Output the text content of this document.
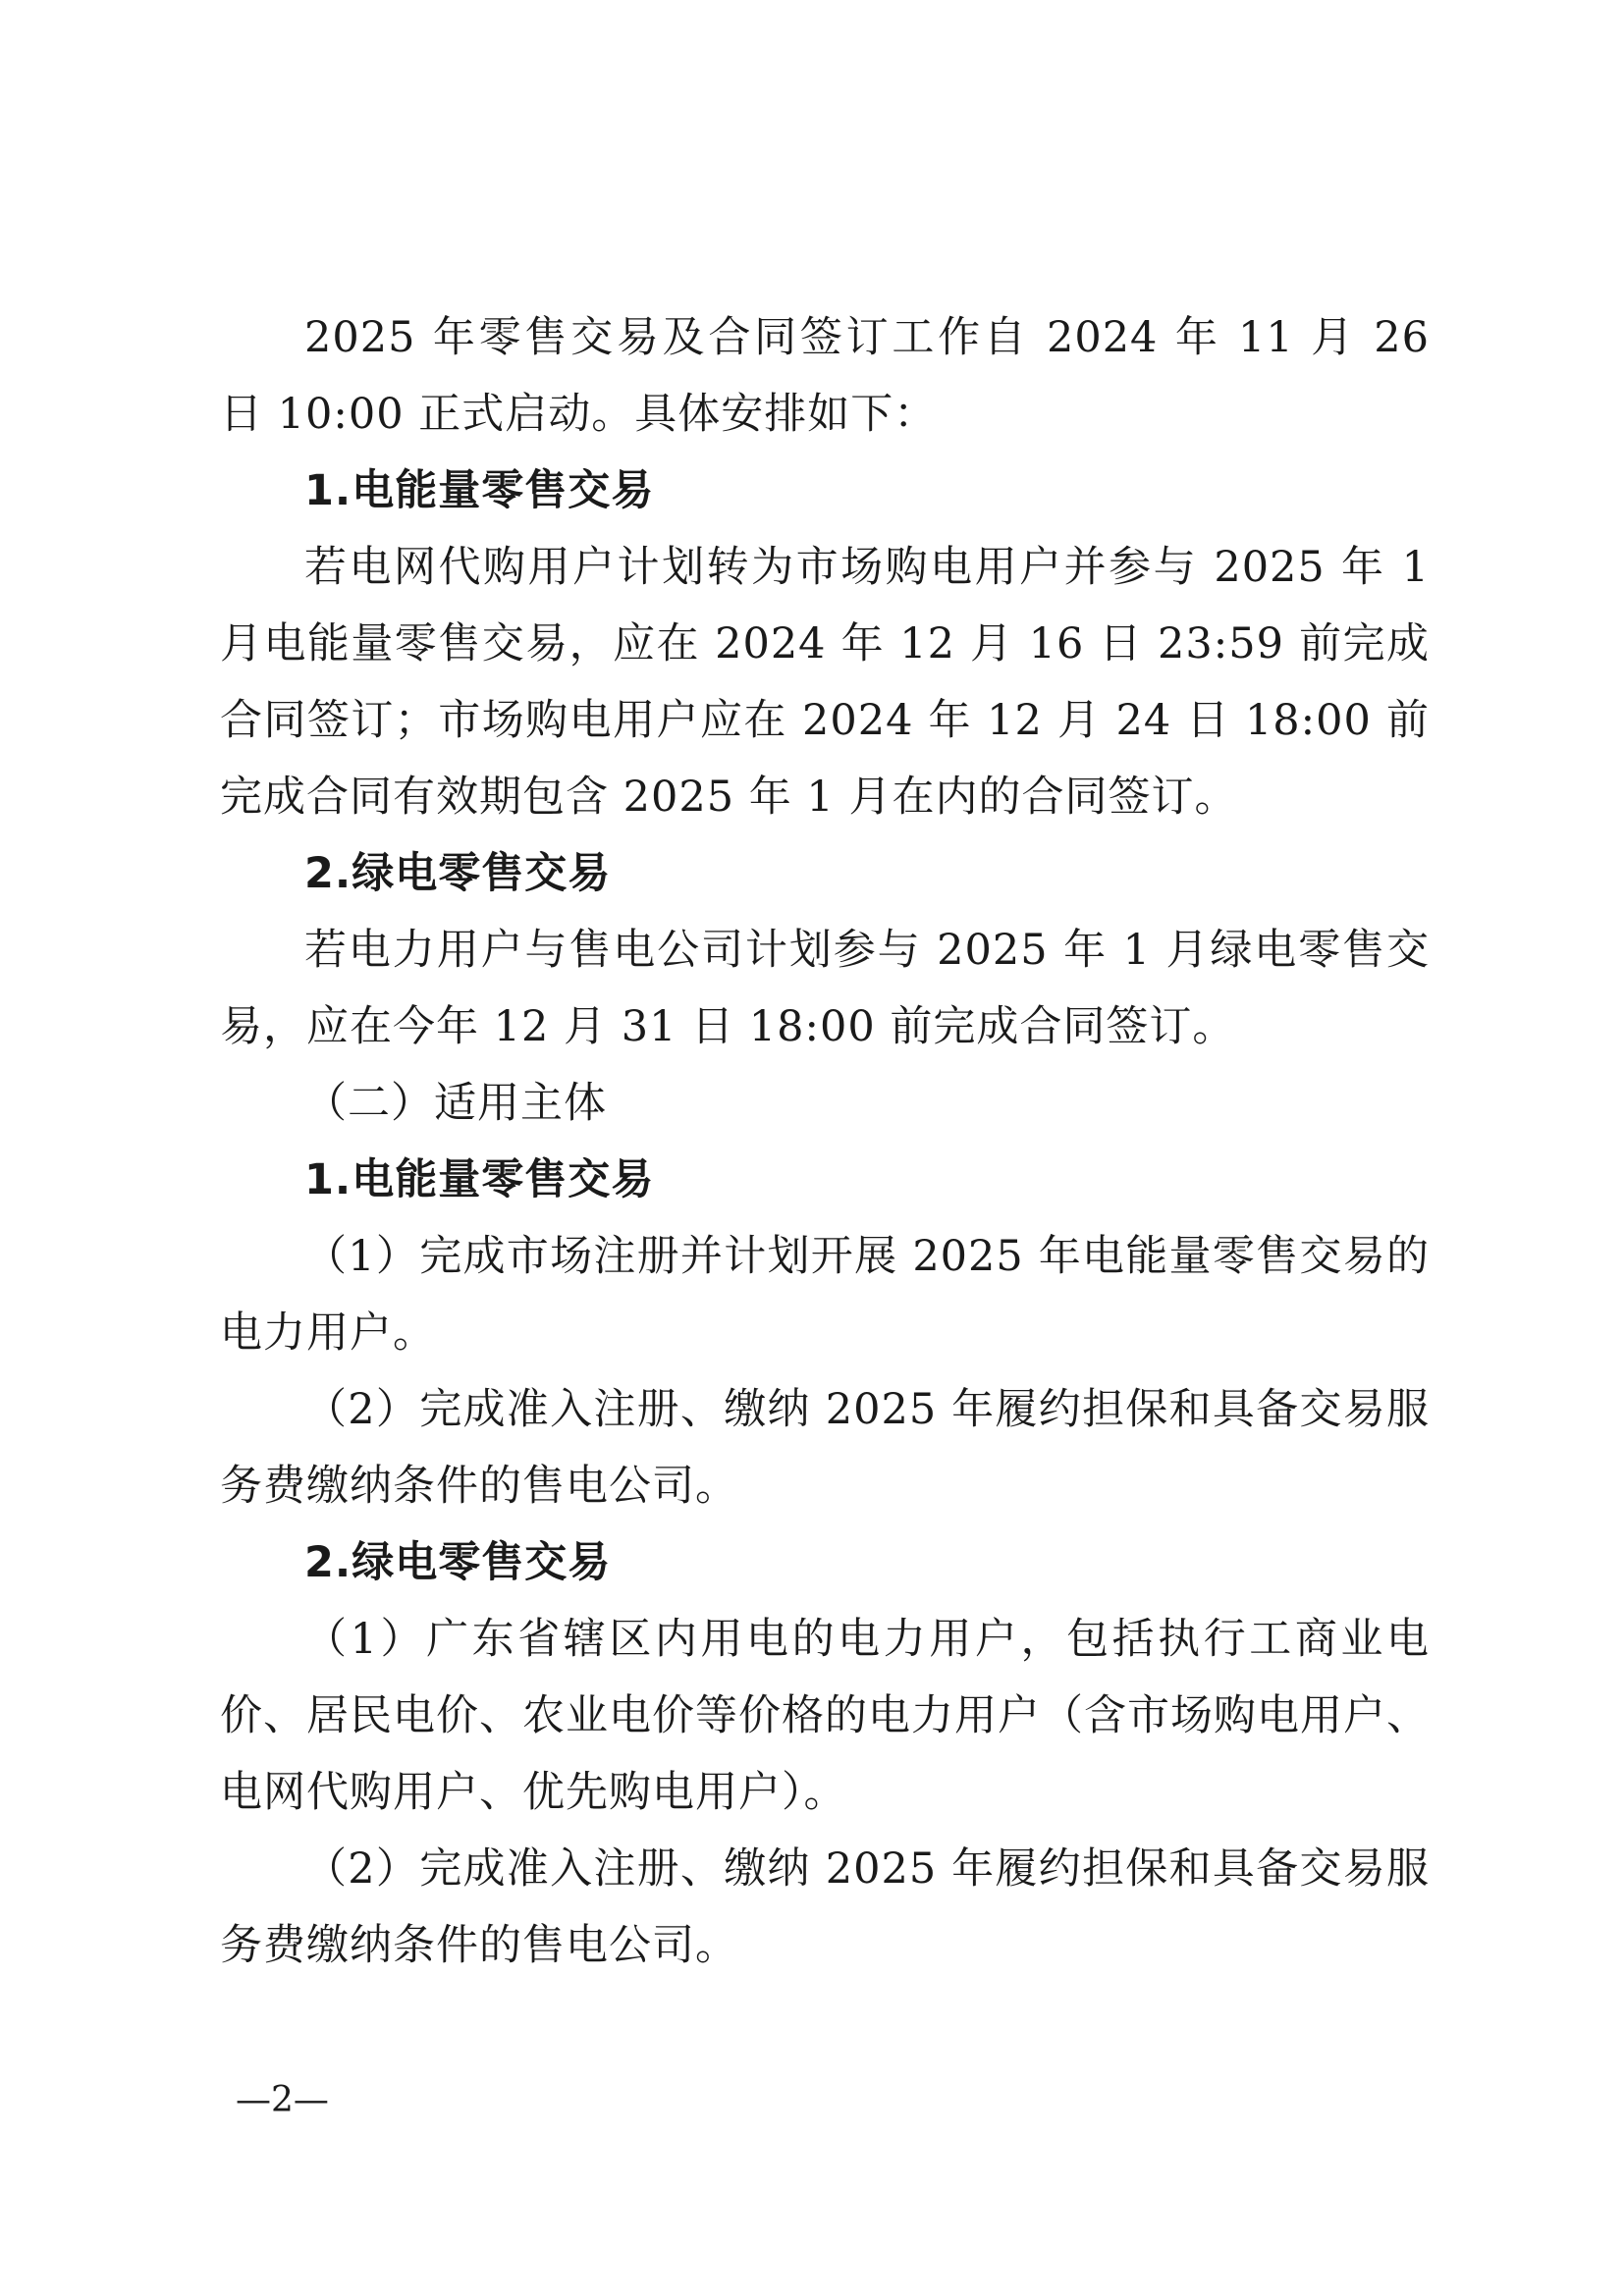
2025 年零售交易及合同签订工作自 2024 年 11 月 26 日 10:00 正式启动。具体安排如下：
1.电能量零售交易
若电网代购用户计划转为市场购电用户并参与 2025 年 1 月电能量零售交易，应在 2024 年 12 月 16 日 23:59 前完成合同签订；市场购电用户应在 2024 年 12 月 24 日 18:00 前完成合同有效期包含 2025 年 1 月在内的合同签订。
2.绿电零售交易
若电力用户与售电公司计划参与 2025 年 1 月绿电零售交易，应在今年 12 月 31 日 18:00 前完成合同签订。
（二）适用主体
1.电能量零售交易
（1）完成市场注册并计划开展 2025 年电能量零售交易的电力用户。
（2）完成准入注册、缴纳 2025 年履约担保和具备交易服务费缴纳条件的售电公司。
2.绿电零售交易
（1）广东省辖区内用电的电力用户，包括执行工商业电价、居民电价、农业电价等价格的电力用户（含市场购电用户、电网代购用户、优先购电用户）。
（2）完成准入注册、缴纳 2025 年履约担保和具备交易服务费缴纳条件的售电公司。
—2—
